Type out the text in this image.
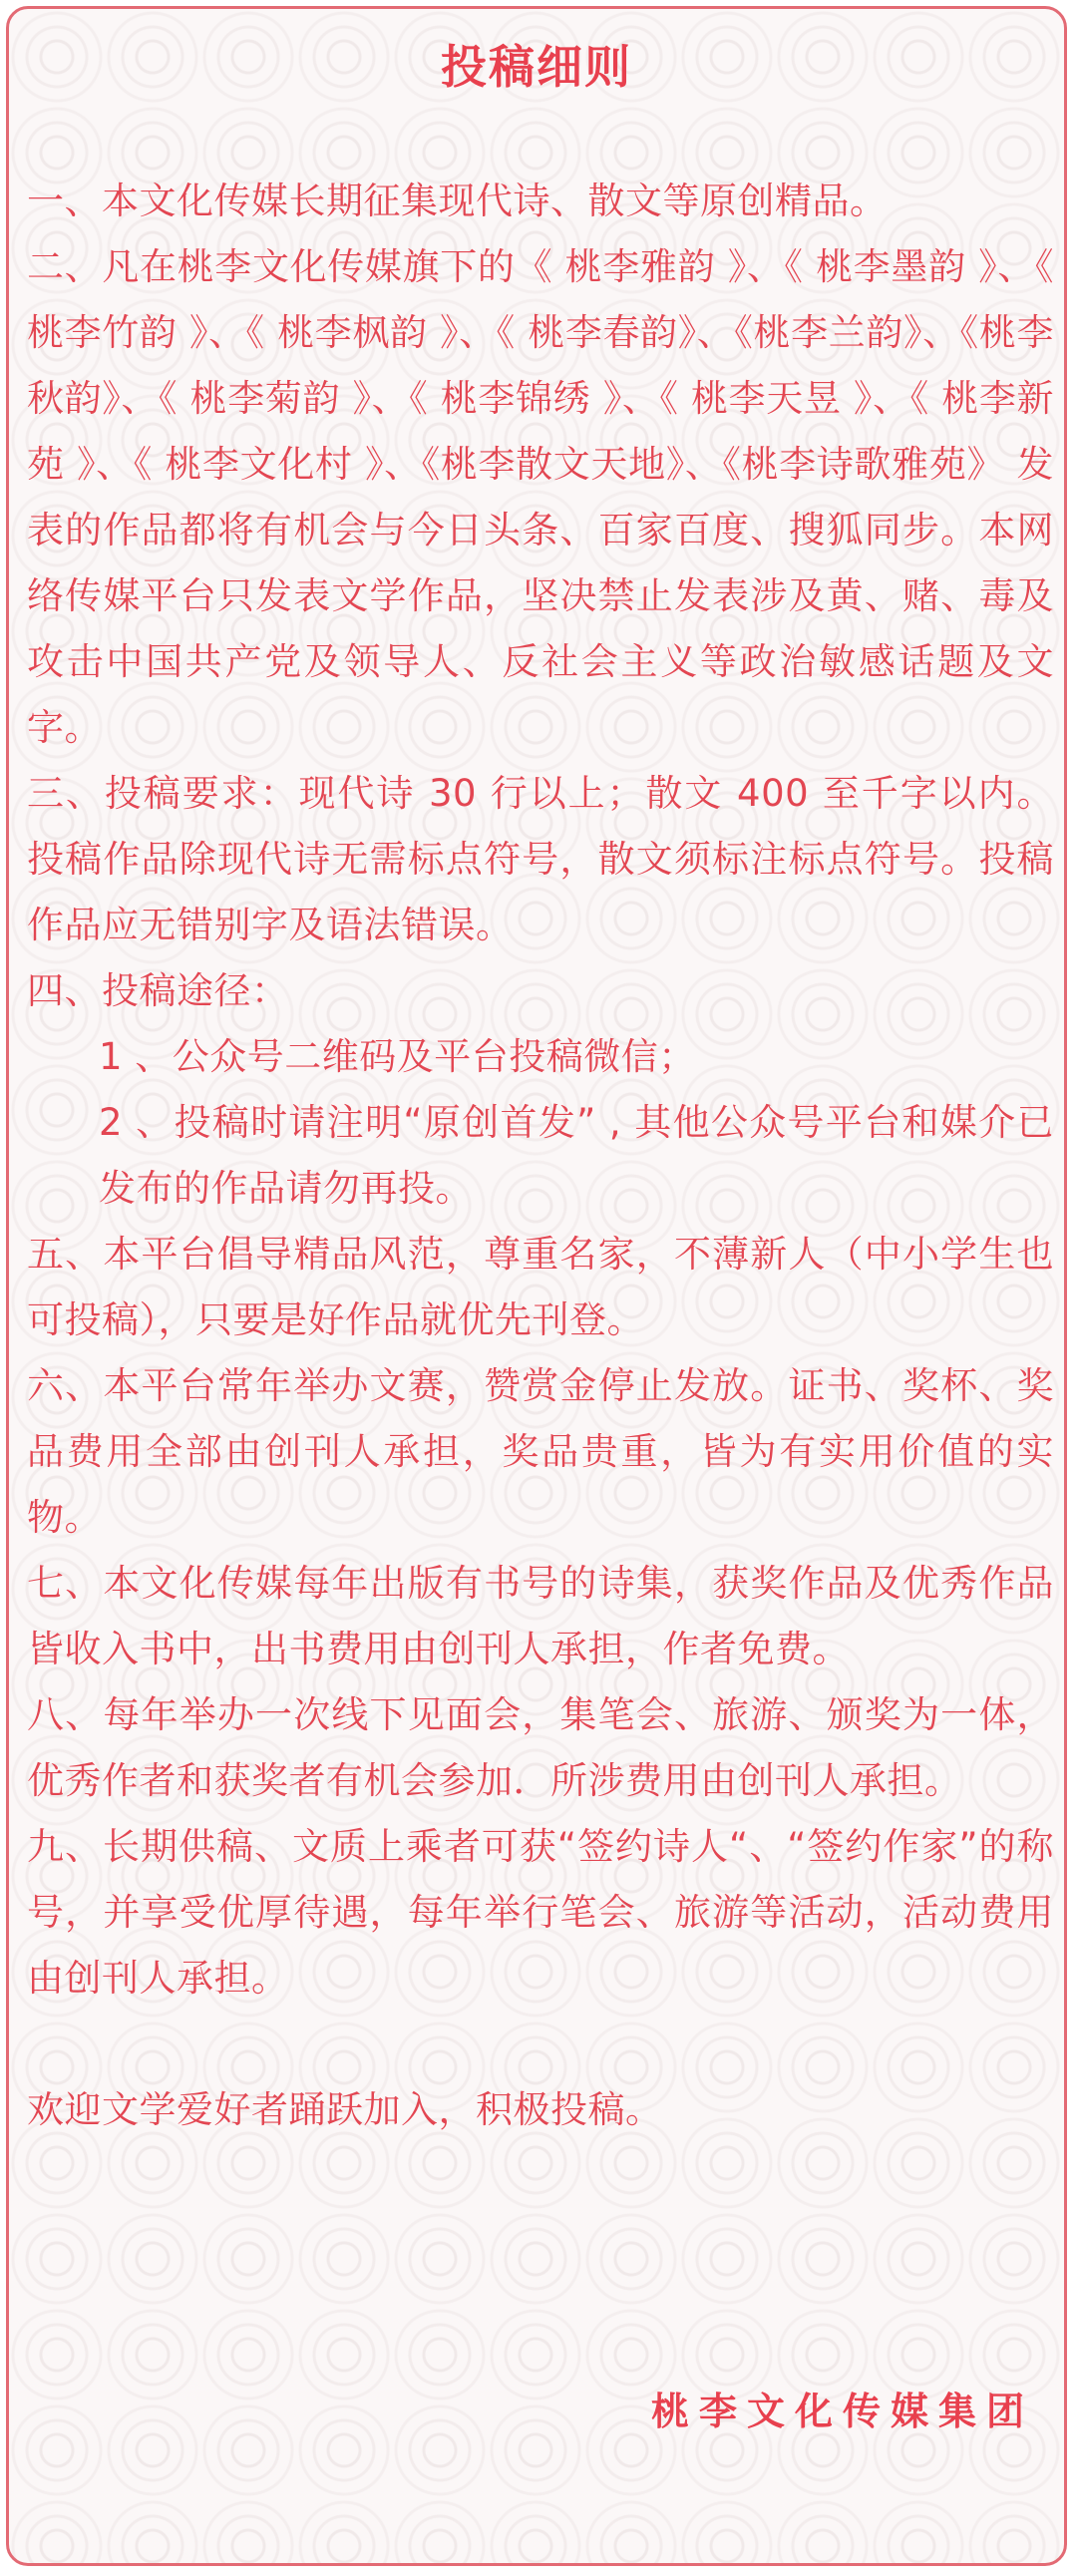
投稿细则

一、本文化传媒长期征集现代诗、散文等原创精品。

二、凡在桃李文化传媒旗下的《 桃李雅韵 》、《 桃李墨韵 》、《 桃李竹韵 》、《 桃李枫韵 》、《 桃李春韵》、《桃李兰韵》、《桃李秋韵》、《 桃李菊韵 》、《 桃李锦绣 》、《 桃李天昱 》、《 桃李新苑 》、《 桃李文化村 》、《桃李散文天地》、《桃李诗歌雅苑》 发表的作品都将有机会与今日头条、百家百度、搜狐同步。本网络传媒平台只发表文学作品，坚决禁止发表涉及黄、赌、毒及攻击中国共产党及领导人、反社会主义等政治敏感话题及文字。

三、投稿要求：现代诗 30 行以上；散文 400 至千字以内。投稿作品除现代诗无需标点符号，散文须标注标点符号。投稿作品应无错别字及语法错误。

四、投稿途径：

1 、公众号二维码及平台投稿微信；

2 、投稿时请注明“原创首发” , 其他公众号平台和媒介已发布的作品请勿再投。

五、本平台倡导精品风范，尊重名家，不薄新人（中小学生也可投稿），只要是好作品就优先刊登。

六、本平台常年举办文赛，赞赏金停止发放。证书、奖杯、奖品费用全部由创刊人承担，奖品贵重，皆为有实用价值的实物。

七、本文化传媒每年出版有书号的诗集，获奖作品及优秀作品皆收入书中，出书费用由创刊人承担，作者免费。

八、每年举办一次线下见面会，集笔会、旅游、颁奖为一体，优秀作者和获奖者有机会参加．所涉费用由创刊人承担。

九、长期供稿、文质上乘者可获“签约诗人“、“签约作家”的称号，并享受优厚待遇，每年举行笔会、旅游等活动，活动费用由创刊人承担。

欢迎文学爱好者踊跃加入，积极投稿。

桃李文化传媒集团
